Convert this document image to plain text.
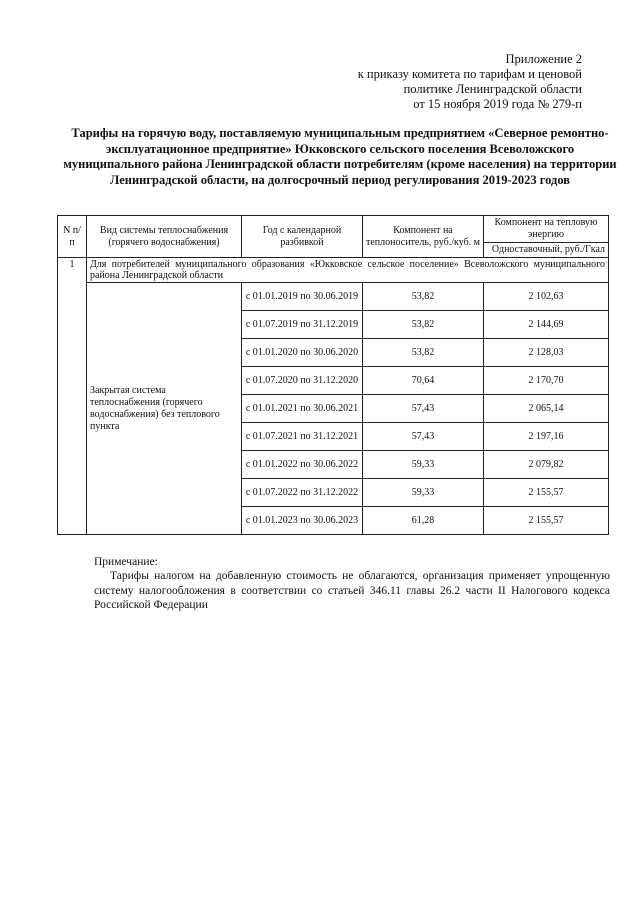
Приложение 2
к приказу комитета по тарифам и ценовой
политике Ленинградской области
от 15 ноября 2019 года № 279-п
Тарифы на горячую воду, поставляемую муниципальным предприятием «Северное ремонтно-эксплуатационное предприятие» Юкковского сельского поселения Всеволожского муниципального района Ленинградской области потребителям (кроме населения) на территории Ленинградской области, на долгосрочный период регулирования 2019-2023 годов
N п/п	Вид системы теплоснабжения (горячего водоснабжения)	Год с календарной разбивкой	Компонент на теплоноситель, руб./куб. м	Компонент на тепловую энергию
				Одноставочный, руб./Гкал
1	Для потребителей муниципального образования «Юкковское сельское поселение» Всеволожского муниципального района Ленинградской области			
	Закрытая система теплоснабжения (горячего водоснабжения) без теплового пункта	с 01.01.2019 по 30.06.2019	53,82	2 102,63
		с 01.07.2019 по 31.12.2019	53,82	2 144,69
		с 01.01.2020 по 30.06.2020	53,82	2 128,03
		с 01.07.2020 по 31.12.2020	70,64	2 170,70
		с 01.01.2021 по 30.06.2021	57,43	2 065,14
		с 01.07.2021 по 31.12.2021	57,43	2 197,16
		с 01.01.2022 по 30.06.2022	59,33	2 079,82
		с 01.07.2022 по 31.12.2022	59,33	2 155,57
		с 01.01.2023 по 30.06.2023	61,28	2 155,57
Примечание:
Тарифы налогом на добавленную стоимость не облагаются, организация применяет упрощенную систему налогообложения в соответствии со статьей 346.11 главы 26.2 части II Налогового кодекса Российской Федерации
